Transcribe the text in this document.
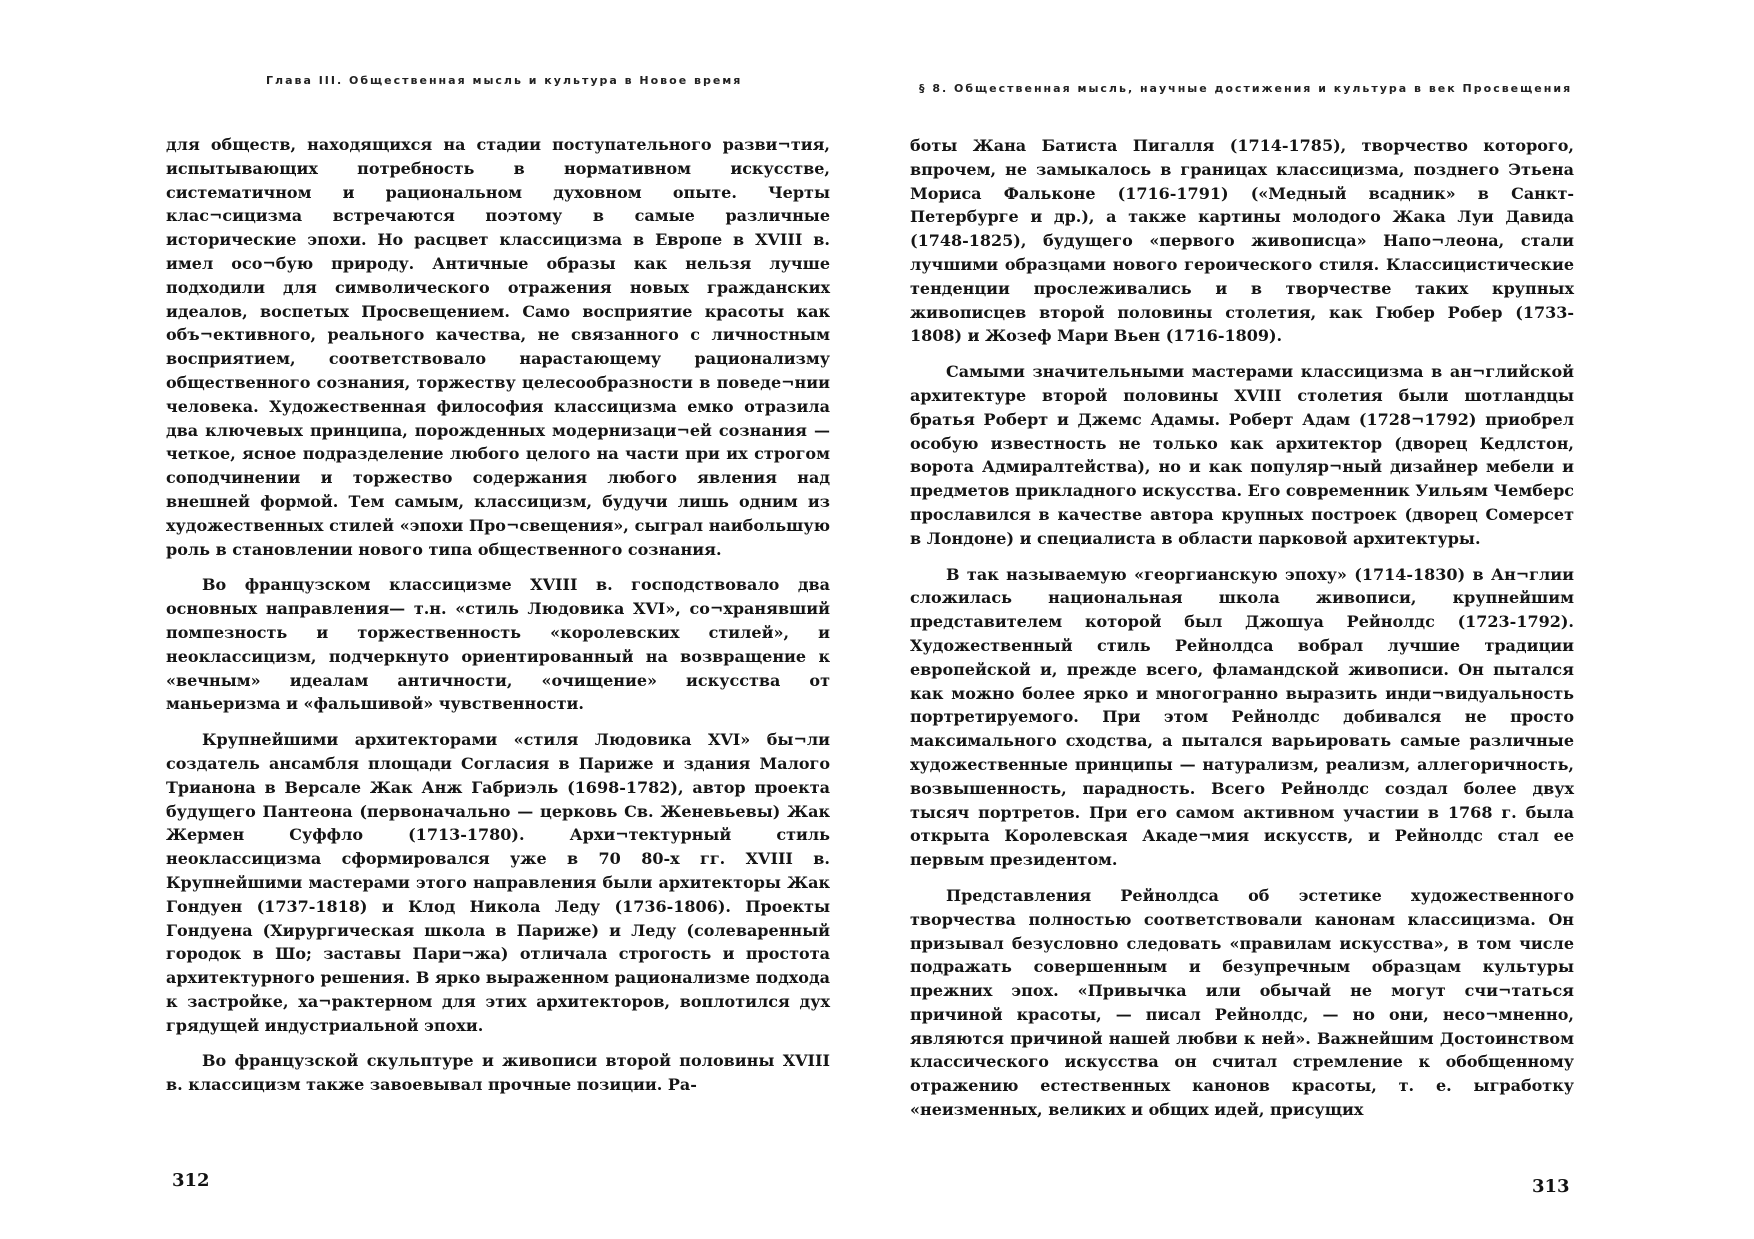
Глава III. Общественная мысль и культура в Новое время

для обществ, находящихся на стадии поступательного разви¬тия, испытывающих потребность в нормативном искусстве, систематичном и рациональном духовном опыте. Черты клас¬сицизма встречаются поэтому в самые различные исторические эпохи. Но расцвет классицизма в Европе в XVIII в. имел осо¬бую природу. Античные образы как нельзя лучше подходили для символического отражения новых гражданских идеалов, воспетых Просвещением. Само восприятие красоты как объ¬ективного, реального качества, не связанного с личностным восприятием, соответствовало нарастающему рационализму общественного сознания, торжеству целесообразности в поведе¬нии человека. Художественная философия классицизма емко отразила два ключевых принципа, порожденных модернизаци¬ей сознания — четкое, ясное подразделение любого целого на части при их строгом соподчинении и торжество содержания любого явления над внешней формой. Тем самым, классицизм, будучи лишь одним из художественных стилей «эпохи Про¬свещения», сыграл наибольшую роль в становлении нового типа общественного сознания.

Во французском классицизме XVIII в. господствовало два основных направления— т.н. «стиль Людовика XVI», со¬хранявший помпезность и торжественность «королевских стилей», и неоклассицизм, подчеркнуто ориентированный на возвращение к «вечным» идеалам античности, «очищение» искусства от маньеризма и «фальшивой» чувственности.

Крупнейшими архитекторами «стиля Людовика XVI» бы¬ли создатель ансамбля площади Согласия в Париже и здания Малого Трианона в Версале Жак Анж Габриэль (1698-1782), автор проекта будущего Пантеона (первоначально — церковь Св. Женевьевы) Жак Жермен Суффло (1713-1780). Архи¬тектурный стиль неоклассицизма сформировался уже в 70 80-х гг. XVIII в. Крупнейшими мастерами этого направления были архитекторы Жак Гондуен (1737-1818) и Клод Никола Леду (1736-1806). Проекты Гондуена (Хирургическая школа в Париже) и Леду (солеваренный городок в Шо; заставы Пари¬жа) отличала строгость и простота архитектурного решения. В ярко выраженном рационализме подхода к застройке, ха¬рактерном для этих архитекторов, воплотился дух грядущей индустриальной эпохи.

Во французской скульптуре и живописи второй половины XVIII в. классицизм также завоевывал прочные позиции. Ра-

312
§ 8. Общественная мысль, научные достижения и культура в век Просвещения

боты Жана Батиста Пигалля (1714-1785), творчество которого, впрочем, не замыкалось в границах классицизма, позднего Этьена Мориса Фальконе (1716-1791) («Медный всадник» в Санкт-Петербурге и др.), а также картины молодого Жака Луи Давида (1748-1825), будущего «первого живописца» Напо¬леона, стали лучшими образцами нового героического стиля. Классицистические тенденции прослеживались и в творчестве таких крупных живописцев второй половины столетия, как Гюбер Робер (1733-1808) и Жозеф Мари Вьен (1716-1809).

Самыми значительными мастерами классицизма в ан¬глийской архитектуре второй половины XVIII столетия были шотландцы братья Роберт и Джемс Адамы. Роберт Адам (1728¬1792) приобрел особую известность не только как архитектор (дворец Кедлстон, ворота Адмиралтейства), но и как популяр¬ный дизайнер мебели и предметов прикладного искусства. Его современник Уильям Чемберс прославился в качестве автора крупных построек (дворец Сомерсет в Лондоне) и специалиста в области парковой архитектуры.

В так называемую «георгианскую эпоху» (1714-1830) в Ан¬глии сложилась национальная школа живописи, крупнейшим представителем которой был Джошуа Рейнолдс (1723-1792). Художественный стиль Рейнолдса вобрал лучшие традиции европейской и, прежде всего, фламандской живописи. Он пытался как можно более ярко и многогранно выразить инди¬видуальность портретируемого. При этом Рейнолдс добивался не просто максимального сходства, а пытался варьировать самые различные художественные принципы — натурализм, реализм, аллегоричность, возвышенность, парадность. Всего Рейнолдс создал более двух тысяч портретов. При его самом активном участии в 1768 г. была открыта Королевская Акаде¬мия искусств, и Рейнолдс стал ее первым президентом.

Представления Рейнолдса об эстетике художественного творчества полностью соответствовали канонам классицизма. Он призывал безусловно следовать «правилам искусства», в том числе подражать совершенным и безупречным образцам культуры прежних эпох. «Привычка или обычай не могут счи¬таться причиной красоты, — писал Рейнолдс, — но они, несо¬мненно, являются причиной нашей любви к ней». Важнейшим Достоинством классического искусства он считал стремление к обобщенному отражению естественных канонов красоты, т. е. ыгработку «неизменных, великих и общих идей, присущих

313
